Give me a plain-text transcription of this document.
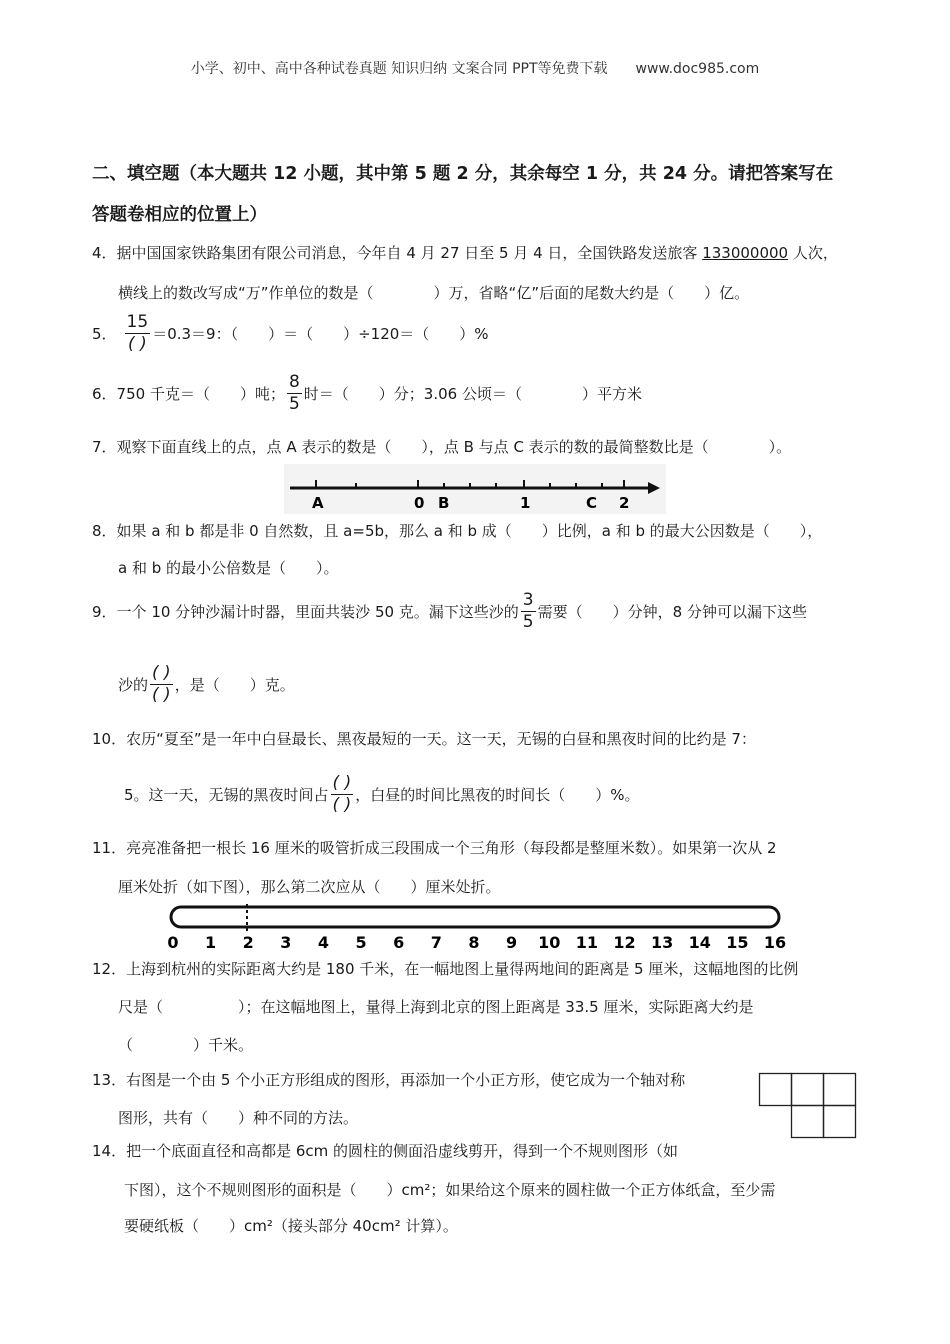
小学、初中、高中各种试卷真题 知识归纳 文案合同 PPT等免费下载 www.doc985.com
二、填空题（本大题共 12 小题，其中第 5 题 2 分，其余每空 1 分，共 24 分。请把答案写在
答题卷相应的位置上）
4．据中国国家铁路集团有限公司消息，今年自 4 月 27 日至 5 月 4 日，全国铁路发送旅客 133000000 人次，
横线上的数改写成“万”作单位的数是（　　　　）万，省略“亿”后面的尾数大约是（　　）亿。
5． $\frac{15}{( )} =0.3=9$：（　　）＝（　　）÷120＝（　　）%
6． 750 千克＝（　　）吨； $\frac{8}{5}$ 时＝（　　）分；3.06 公顷＝（　　　　）平方米
7．观察下面直线上的点，点 A 表示的数是（　　），点 B 与点 C 表示的数的最简整数比是（　　　　）。
A	0 B	1	C 2
8．如果 a 和 b 都是非 0 自然数，且 a=5b，那么 a 和 b 成（　　）比例，a 和 b 的最大公因数是（　　），
a 和 b 的最小公倍数是（　　）。
9． 一个 10 分钟沙漏计时器，里面共装沙 50 克。漏下这些沙的 $\frac{3}{5}$ 需要（　　）分钟，8 分钟可以漏下这些
沙的 $\frac{( )}{( )}$ ，是（　　）克。
10．农历“夏至”是一年中白昼最长、黑夜最短的一天。这一天，无锡的白昼和黑夜时间的比约是 7：
5。这一天，无锡的黑夜时间占 $\frac{( )}{( )}$ ，白昼的时间比黑夜的时间长（　　）%。
11．亮亮准备把一根长 16 厘米的吸管折成三段围成一个三角形（每段都是整厘米数）。如果第一次从 2
厘米处折（如下图），那么第二次应从（　　）厘米处折。
0 1 2 3 4 5 6 7 8 9 10 11 12 13 14 15 16
12．上海到杭州的实际距离大约是 180 千米，在一幅地图上量得两地间的距离是 5 厘米，这幅地图的比例
尺是（　　　　　）；在这幅地图上，量得上海到北京的图上距离是 33.5 厘米，实际距离大约是
（　　　　）千米。
13．右图是一个由 5 个小正方形组成的图形，再添加一个小正方形，使它成为一个轴对称
图形，共有（　　）种不同的方法。
14．把一个底面直径和高都是 6cm 的圆柱的侧面沿虚线剪开，得到一个不规则图形（如
下图），这个不规则图形的面积是（　　）cm²；如果给这个原来的圆柱做一个正方体纸盒，至少需
要硬纸板（　　）cm²（接头部分 40cm² 计算）。
